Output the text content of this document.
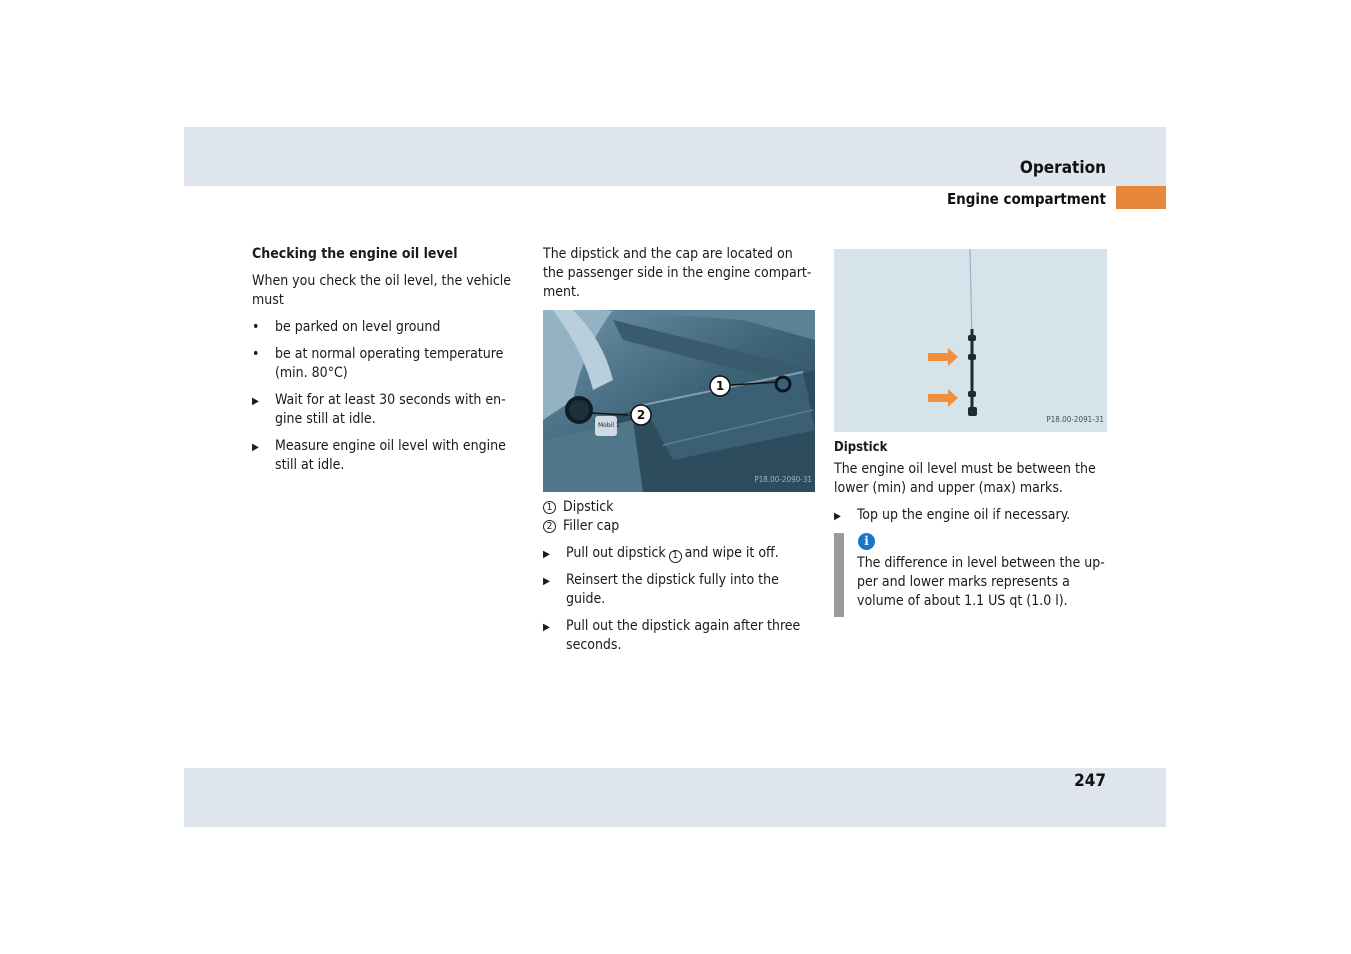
Operation
Engine compartment
Checking the engine oil level

When you check the oil level, the vehicle must

•
be parked on level ground
•
be at normal operating temperature (min. 80°C)
▶
Wait for at least 30 seconds with en-gine still at idle.
▶
Measure engine oil level with engine still at idle.

The dipstick and the cap are located on the passenger side in the engine compart-ment.

Mobil 1
1
2
P18.00-2090-31
1 Dipstick
2 Filler cap
▶
Pull out dipstick 1 and wipe it off.
▶
Reinsert the dipstick fully into the guide.
▶
Pull out the dipstick again after three seconds.
P18.00-2091-31
Dipstick

The engine oil level must be between the lower (min) and upper (max) marks.

▶
Top up the engine oil if necessary.
i
The difference in level between the up-per and lower marks represents a volume of about 1.1 US qt (1.0 l).
247
